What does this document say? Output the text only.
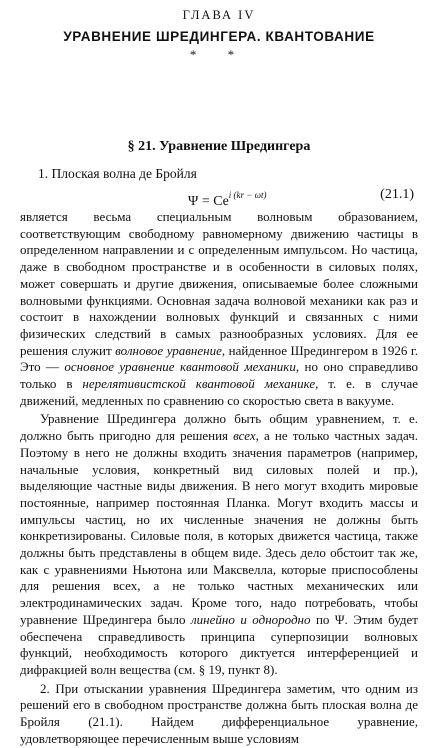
ГЛАВА IV
УРАВНЕНИЕ ШРЕДИНГЕРА. КВАНТОВАНИЕ
* *
§ 21. Уравнение Шредингера
1. Плоская волна де Бройля
$\Psi = Ce^{i (kr - \omega t)}$	(21.1)

является весьма специальным волновым образованием, соответствующим свободному равномерному движению частицы в определенном направлении и с определенным импульсом. Но частица, даже в свободном пространстве и в особенности в силовых полях, может совершать и другие движения, описываемые более сложными волновыми функциями. Основная задача волновой механики как раз и состоит в нахождении волновых функций и связанных с ними физических следствий в самых разнообразных условиях. Для ее решения служит волновое уравнение, найденное Шредингером в 1926 г. Это — основное уравнение квантовой механики, но оно справедливо только в нерелятивистской квантовой механике, т. е. в случае движений, медленных по сравнению со скоростью света в вакууме.

Уравнение Шредингера должно быть общим уравнением, т. е. должно быть пригодно для решения всех, а не только частных задач. Поэтому в него не должны входить значения параметров (например, начальные условия, конкретный вид силовых полей и пр.), выделяющие частные виды движения. В него могут входить мировые постоянные, например постоянная Планка. Могут входить массы и импульсы частиц, но их численные значения не должны быть конкретизированы. Силовые поля, в которых движется частица, также должны быть представлены в общем виде. Здесь дело обстоит так же, как с уравнениями Ньютона или Максвелла, которые приспособлены для решения всех, а не только частных механических или электродинамических задач. Кроме того, надо потребовать, чтобы уравнение Шредингера было линейно и однородно по Ψ. Этим будет обеспечена справедливость принципа суперпозиции волновых функций, необходимость которого диктуется интерференцией и дифракцией волн вещества (см. § 19, пункт 8).

2. При отыскании уравнения Шредингера заметим, что одним из решений его в свободном пространстве должна быть плоская волна де Бройля (21.1). Найдем дифференциальное уравнение, удовлетворяющее перечисленным выше условиям
